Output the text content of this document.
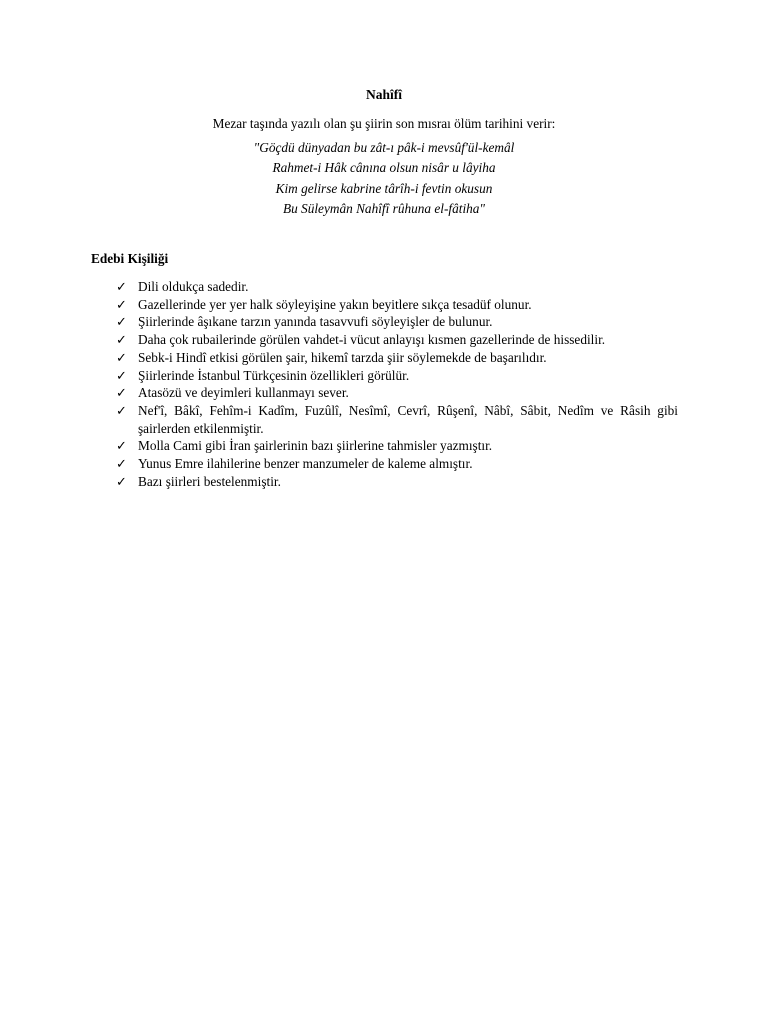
Nahîfî
Mezar taşında yazılı olan şu şiirin son mısraı ölüm tarihini verir:
"Göçdü dünyadan bu zât-ı pâk-i mevsûf'ül-kemâl
Rahmet-i Hâk cânına olsun nisâr u lâyiha
Kim gelirse kabrine târîh-i fevtin okusun
Bu Süleymân Nahîfî rûhuna el-fâtiha"
Edebi Kişiliği
✓ Dili oldukça sadedir.
✓ Gazellerinde yer yer halk söyleyişine yakın beyitlere sıkça tesadüf olunur.
✓ Şiirlerinde âşıkane tarzın yanında tasavvufi söyleyişler de bulunur.
✓ Daha çok rubailerinde görülen vahdet-i vücut anlayışı kısmen gazellerinde de hissedilir.
✓ Sebk-i Hindî etkisi görülen şair, hikemî tarzda şiir söylemekde de başarılıdır.
✓ Şiirlerinde İstanbul Türkçesinin özellikleri görülür.
✓ Atasözü ve deyimleri kullanmayı sever.
✓ Nef'î, Bâkî, Fehîm-i Kadîm, Fuzûlî, Nesîmî, Cevrî, Rûşenî, Nâbî, Sâbit, Nedîm ve Râsih gibi şairlerden etkilenmiştir.
✓ Molla Cami gibi İran şairlerinin bazı şiirlerine tahmisler yazmıştır.
✓ Yunus Emre ilahilerine benzer manzumeler de kaleme almıştır.
✓ Bazı şiirleri bestelenmiştir.
